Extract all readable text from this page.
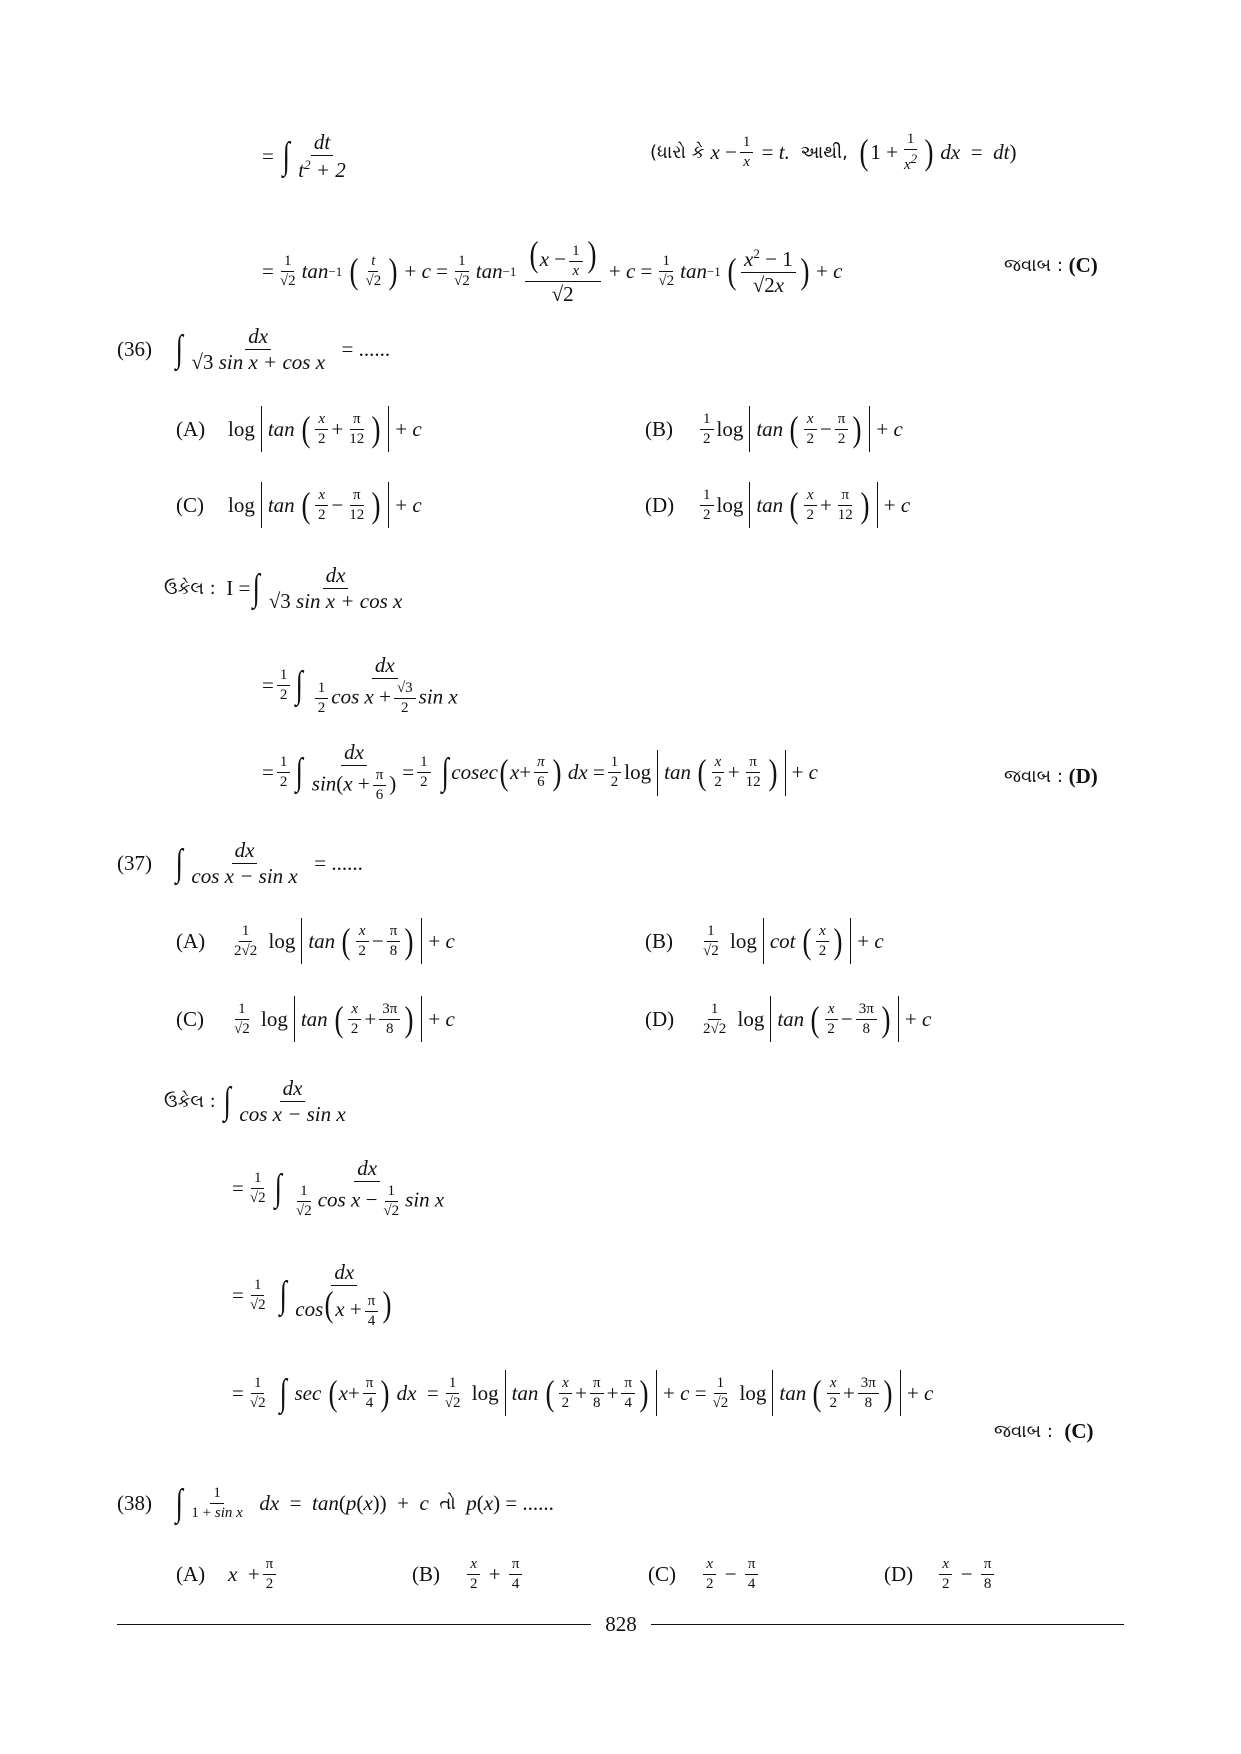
= ∫ dt
$t^2 + 2$
(ધારો કે x − 1
x = t.
આથી,
( 1 +
1
$x^2$ )
dx = dt )
= 1
√2 tan −1
( t
√2 ) + c = 1
√2 tan −1
($x - \frac{1}{x}$ )
√2
+ c = 1
√2 tan −1
( $x^2 - 1$
√2x ) + c	જવાબ :
(C)
(36) ∫ $\frac{dx}{\text{√3 sin x + cos x}}$
= ......
(A)	log tan
( x
2 + π
12 ) + c	(B)	1
2 log tan
( x
2 − π
2 ) + c
(C)	log tan
( x
2 − π
12 ) + c	(D)	1
2 log tan
( x
2 + π
12 ) + c
ઉકેલ : I = ∫	dx
√3 sin x + cos x
= 1
2 ∫	dx
$\frac{1}{2}$ $\cos x + \frac{√3}{2}$ sin x
= 1
2 ∫ dx
$\sin(x + \frac{\pi}{6}$ ) = 1
2
∫ cosec ( x + π
6 )
dx = 1
2 log tan
( x
2 + π
12 ) + c	જવાબ :
(D)
(37) ∫ $\frac{dx}{\text{cos x − sin x}}$
= ......
(A)	1
2√2 log tan
( x
2 − π
8 ) + c	(B)	1
√2 log cot
( x
2 ) + c
(C)	1
√2 log tan
( x
2 + 3π
8 ) + c	(D)	1
2√2 log tan
( x
2 − 3π
8 ) + c
ઉકેલ :
∫ dx
cos x − sin x
= 1
√2 ∫	dx
$\frac{1}{√2}$ $\cos x - \frac{1}{√2}$ sin x
= 1
√2
∫
dx
$\cos(x + \frac{\pi}{4}$ )
= 1
√2
∫
sec
( x + π
4 )
dx = 1
√2 log tan
( x
2 + π
8 + π
4 ) + c = 1
√2 log tan
( x
2 + 3π
8 ) + c
જવાબ :
(C)
(38) ∫ 1
1 + sin x
dx = tan ( p ( x ))  + c
તો
p ( x ) = ......
(A)	x + π
2	(B)	x
2 + π
4	(C)	x
2 − π
4	(D)	x
2 − π
8
828
